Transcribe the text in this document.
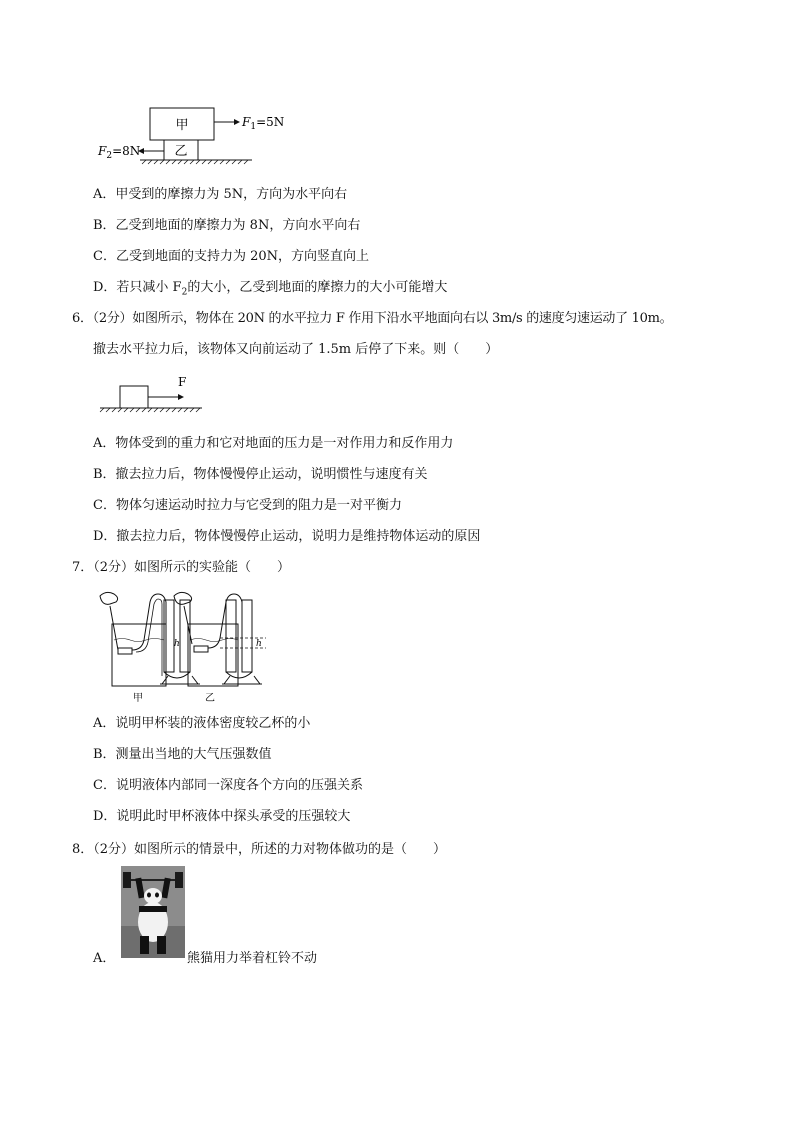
甲
乙
$F_1=5N$
$F_2=8N$
A．甲受到的摩擦力为 5N，方向为水平向右
B．乙受到地面的摩擦力为 8N，方向水平向右
C．乙受到地面的支持力为 20N，方向竖直向上
D．若只减小 $F_2$的大小，乙受到地面的摩擦力的大小可能增大
6．（2分）如图所示，物体在 20N 的水平拉力 F 作用下沿水平地面向右以 3m/s 的速度匀速运动了 10m。
撤去水平拉力后，该物体又向前运动了 1.5m 后停了下来。则（　　）
F
A．物体受到的重力和它对地面的压力是一对作用力和反作用力
B．撤去拉力后，物体慢慢停止运动，说明惯性与速度有关
C．物体匀速运动时拉力与它受到的阻力是一对平衡力
D．撤去拉力后，物体慢慢停止运动，说明力是维持物体运动的原因
7．（2分）如图所示的实验能（　　）
h
甲
h
乙
A．说明甲杯装的液体密度较乙杯的小
B．测量出当地的大气压强数值
C．说明液体内部同一深度各个方向的压强关系
D．说明此时甲杯液体中探头承受的压强较大
8．（2分）如图所示的情景中，所述的力对物体做功的是（　　）
A．	熊猫用力举着杠铃不动
